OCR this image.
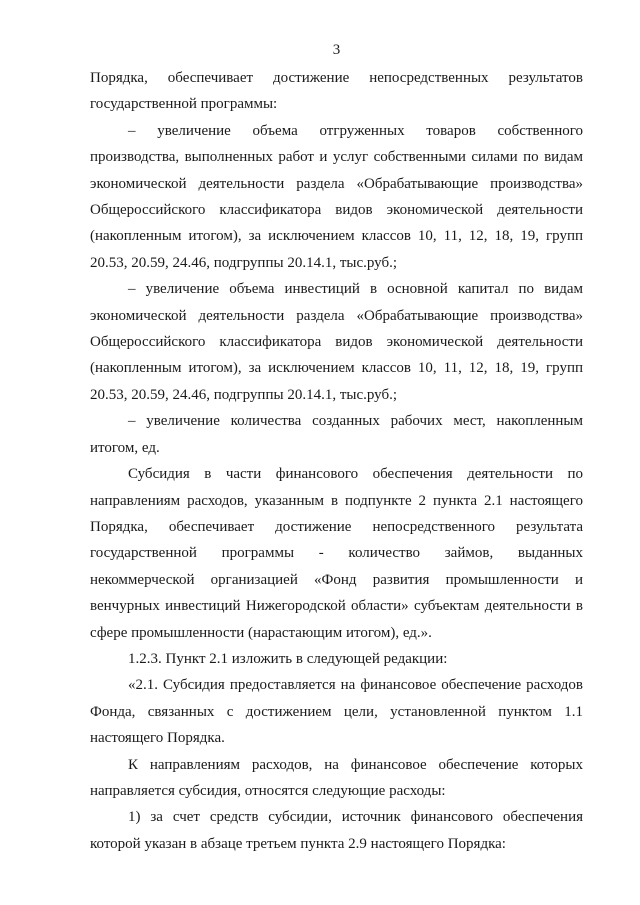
3

Порядка, обеспечивает достижение непосредственных результатов государственной программы:

– увеличение объема отгруженных товаров собственного производства, выполненных работ и услуг собственными силами по видам экономической деятельности раздела «Обрабатывающие производства» Общероссийского классификатора видов экономической деятельности (накопленным итогом), за исключением классов 10, 11, 12, 18, 19, групп 20.53, 20.59, 24.46, подгруппы 20.14.1, тыс.руб.;

– увеличение объема инвестиций в основной капитал по видам экономической деятельности раздела «Обрабатывающие производства» Общероссийского классификатора видов экономической деятельности (накопленным итогом), за исключением классов 10, 11, 12, 18, 19, групп 20.53, 20.59, 24.46, подгруппы 20.14.1, тыс.руб.;

– увеличение количества созданных рабочих мест, накопленным итогом, ед.

Субсидия в части финансового обеспечения деятельности по направлениям расходов, указанным в подпункте 2 пункта 2.1 настоящего Порядка, обеспечивает достижение непосредственного результата государственной программы - количество займов, выданных некоммерческой организацией «Фонд развития промышленности и венчурных инвестиций Нижегородской области» субъектам деятельности в сфере промышленности (нарастающим итогом), ед.».

1.2.3. Пункт 2.1 изложить в следующей редакции:

«2.1. Субсидия предоставляется на финансовое обеспечение расходов Фонда, связанных с достижением цели, установленной пунктом 1.1 настоящего Порядка.

К направлениям расходов, на финансовое обеспечение которых направляется субсидия, относятся следующие расходы:

1) за счет средств субсидии, источник финансового обеспечения которой указан в абзаце третьем пункта 2.9 настоящего Порядка:
